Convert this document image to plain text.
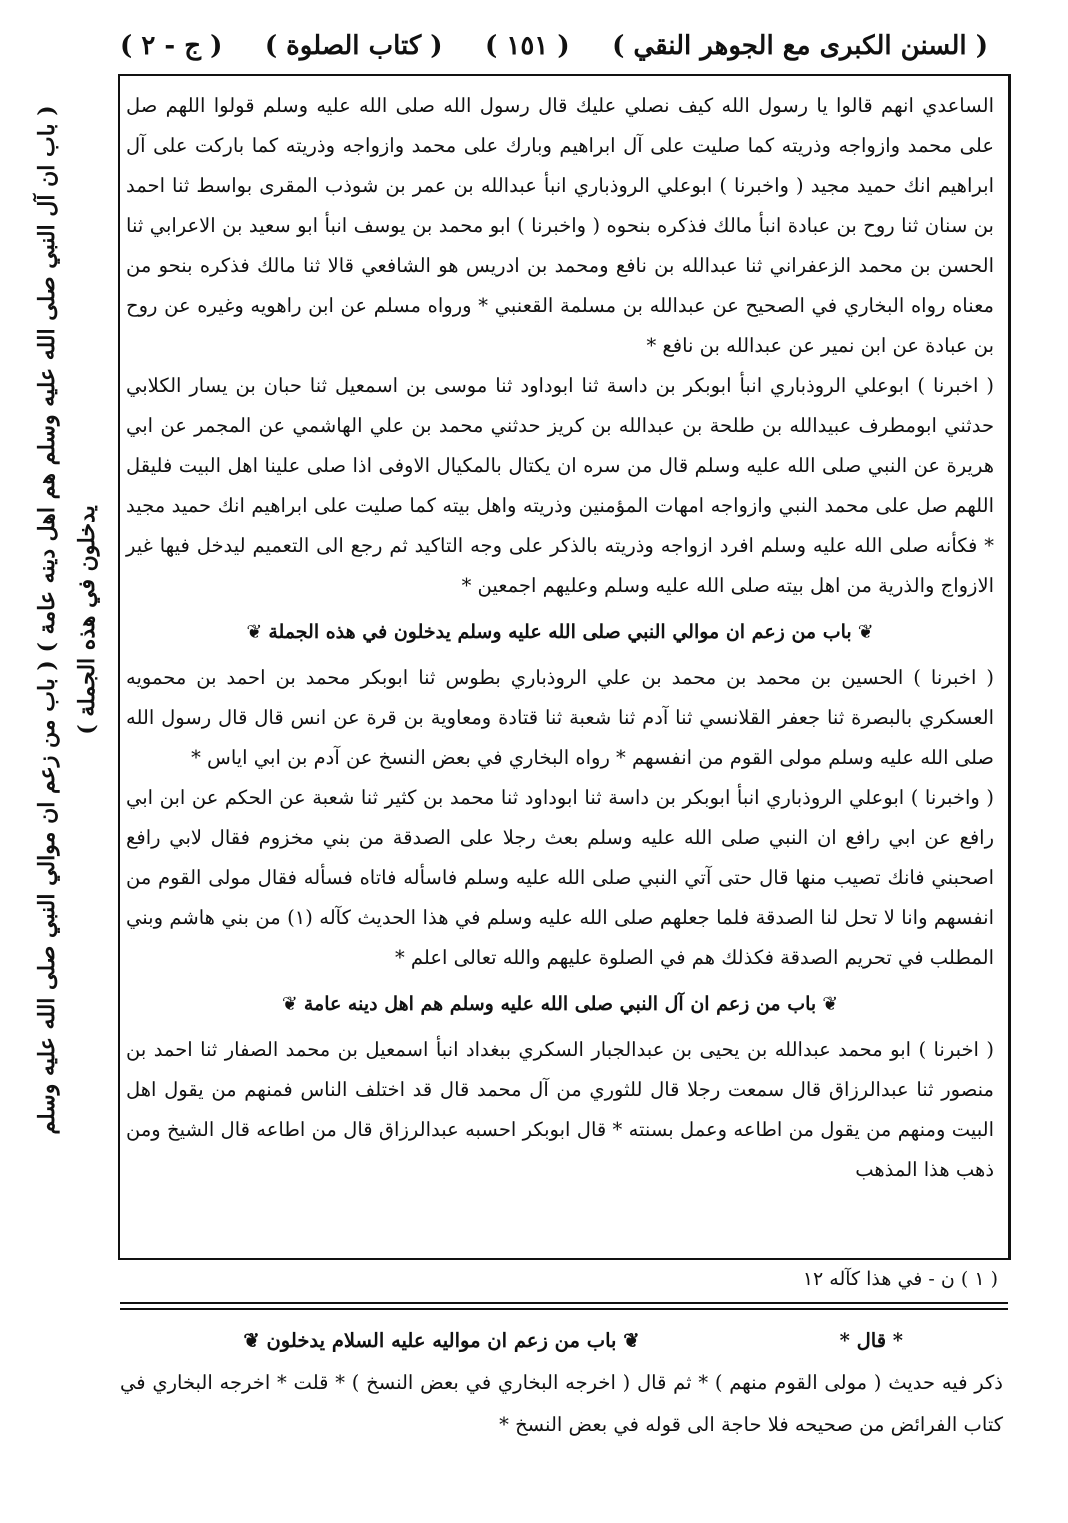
( السنن الكبرى مع الجوهر النقي )
( ١٥١ )
( كتاب الصلوة )
( ج - ٢ )
( باب ان آل النبي صلى الله عليه وسلم هم اهل دينه عامة ) ( باب من زعم ان موالي النبي صلى الله عليه وسلم يدخلون في هذه الجملة )

الساعدي انهم قالوا يا رسول الله كيف نصلي عليك قال رسول الله صلى الله عليه وسلم قولوا اللهم صل على محمد وازواجه وذريته كما صليت على آل ابراهيم وبارك على محمد وازواجه وذريته كما باركت على آل ابراهيم انك حميد مجيد ( واخبرنا ) ابوعلي الروذباري انبأ عبدالله بن عمر بن شوذب المقرى بواسط ثنا احمد بن سنان ثنا روح بن عبادة انبأ مالك فذكره بنحوه ( واخبرنا ) ابو محمد بن يوسف انبأ ابو سعيد بن الاعرابي ثنا الحسن بن محمد الزعفراني ثنا عبدالله بن نافع ومحمد بن ادريس هو الشافعي قالا ثنا مالك فذكره بنحو من معناه رواه البخاري في الصحيح عن عبدالله بن مسلمة القعنبي * ورواه مسلم عن ابن راهويه وغيره عن روح بن عبادة عن ابن نمير عن عبدالله بن نافع *

( اخبرنا ) ابوعلي الروذباري انبأ ابوبكر بن داسة ثنا ابوداود ثنا موسى بن اسمعيل ثنا حبان بن يسار الكلابي حدثني ابومطرف عبيدالله بن طلحة بن عبدالله بن كريز حدثني محمد بن علي الهاشمي عن المجمر عن ابي هريرة عن النبي صلى الله عليه وسلم قال من سره ان يكتال بالمكيال الاوفى اذا صلى علينا اهل البيت فليقل اللهم صل على محمد النبي وازواجه امهات المؤمنين وذريته واهل بيته كما صليت على ابراهيم انك حميد مجيد * فكأنه صلى الله عليه وسلم افرد ازواجه وذريته بالذكر على وجه التاكيد ثم رجع الى التعميم ليدخل فيها غير الازواج والذرية من اهل بيته صلى الله عليه وسلم وعليهم اجمعين *

❦ باب من زعم ان موالي النبي صلى الله عليه وسلم يدخلون في هذه الجملة ❦

( اخبرنا ) الحسين بن محمد بن محمد بن علي الروذباري بطوس ثنا ابوبكر محمد بن احمد بن محمويه العسكري بالبصرة ثنا جعفر القلانسي ثنا آدم ثنا شعبة ثنا قتادة ومعاوية بن قرة عن انس قال قال رسول الله صلى الله عليه وسلم مولى القوم من انفسهم * رواه البخاري في بعض النسخ عن آدم بن ابي اياس *

( واخبرنا ) ابوعلي الروذباري انبأ ابوبكر بن داسة ثنا ابوداود ثنا محمد بن كثير ثنا شعبة عن الحكم عن ابن ابي رافع عن ابي رافع ان النبي صلى الله عليه وسلم بعث رجلا على الصدقة من بني مخزوم فقال لابي رافع اصحبني فانك تصيب منها قال حتى آتي النبي صلى الله عليه وسلم فاسأله فاتاه فسأله فقال مولى القوم من انفسهم وانا لا تحل لنا الصدقة فلما جعلهم صلى الله عليه وسلم في هذا الحديث كآله (١) من بني هاشم وبني المطلب في تحريم الصدقة فكذلك هم في الصلوة عليهم والله تعالى اعلم *

❦ باب من زعم ان آل النبي صلى الله عليه وسلم هم اهل دينه عامة ❦

( اخبرنا ) ابو محمد عبدالله بن يحيى بن عبدالجبار السكري ببغداد انبأ اسمعيل بن محمد الصفار ثنا احمد بن منصور ثنا عبدالرزاق قال سمعت رجلا قال للثوري من آل محمد قال قد اختلف الناس فمنهم من يقول اهل البيت ومنهم من يقول من اطاعه وعمل بسنته * قال ابوبكر احسبه عبدالرزاق قال من اطاعه قال الشيخ ومن ذهب هذا المذهب

( ١ ) ن - في هذا كآله ١٢
* قال *
❦ باب من زعم ان مواليه عليه السلام يدخلون ❦

ذكر فيه حديث ( مولى القوم منهم ) * ثم قال ( اخرجه البخاري في بعض النسخ ) * قلت * اخرجه البخاري في كتاب الفرائض من صحيحه فلا حاجة الى قوله في بعض النسخ *
